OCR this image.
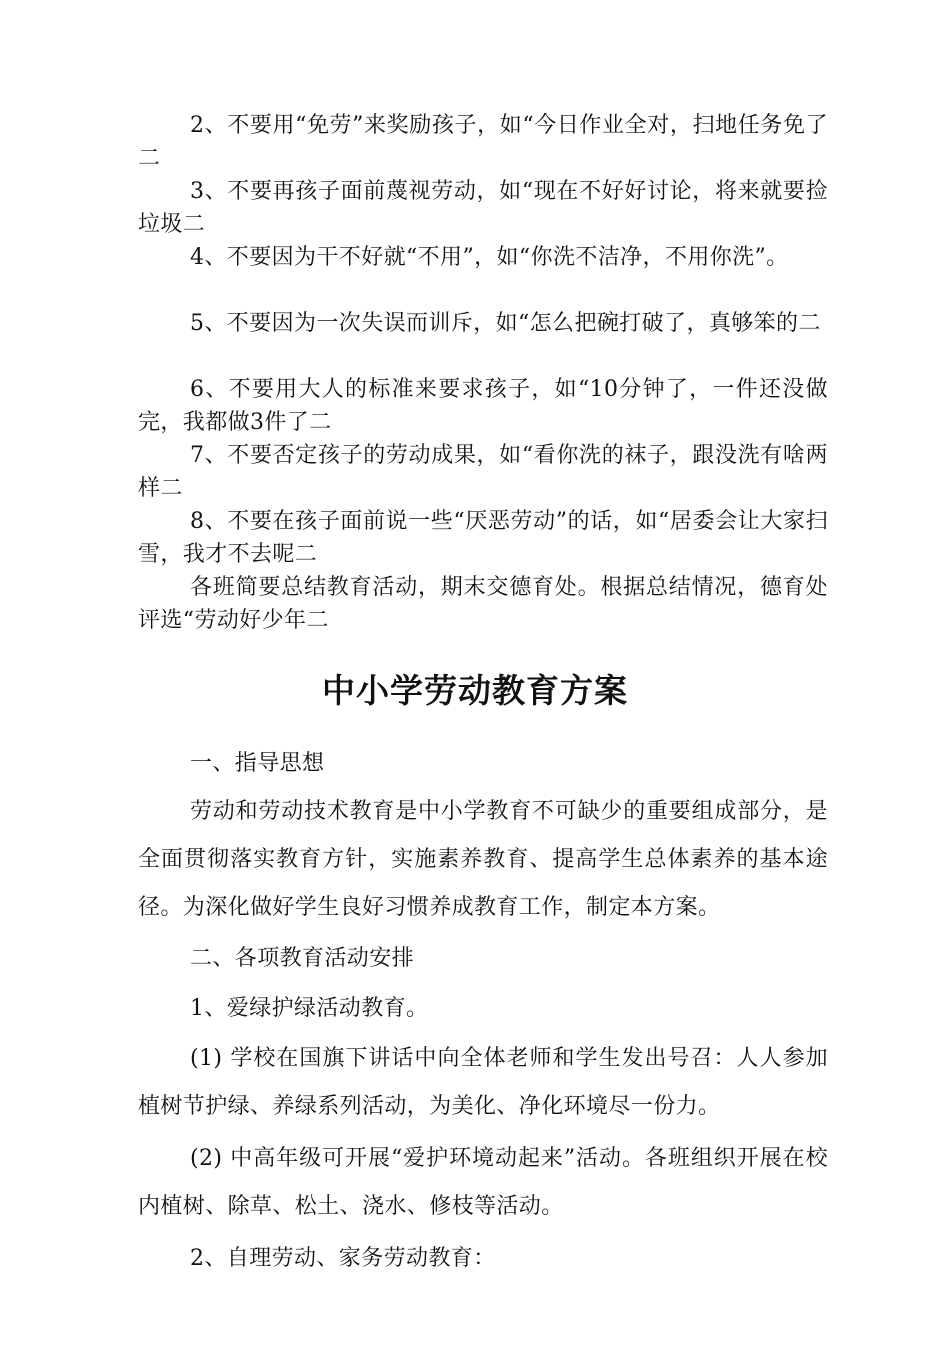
2、不要用“免劳”来奖励孩子，如“今日作业全对，扫地任务免了二

3、不要再孩子面前蔑视劳动，如“现在不好好讨论，将来就要捡垃圾二

4、不要因为干不好就“不用”，如“你洗不洁净，不用你洗”。

5、不要因为一次失误而训斥，如“怎么把碗打破了，真够笨的二

6、不要用大人的标准来要求孩子，如“10分钟了，一件还没做完，我都做3件了二

7、不要否定孩子的劳动成果，如“看你洗的袜子，跟没洗有啥两样二

8、不要在孩子面前说一些“厌恶劳动”的话，如“居委会让大家扫雪，我才不去呢二

各班简要总结教育活动，期末交德育处。根据总结情况，德育处评选“劳动好少年二

中小学劳动教育方案

一、指导思想

劳动和劳动技术教育是中小学教育不可缺少的重要组成部分，是全面贯彻落实教育方针，实施素养教育、提高学生总体素养的基本途径。为深化做好学生良好习惯养成教育工作，制定本方案。

二、各项教育活动安排

1、爱绿护绿活动教育。

(1) 学校在国旗下讲话中向全体老师和学生发出号召：人人参加植树节护绿、养绿系列活动，为美化、净化环境尽一份力。

(2) 中高年级可开展“爱护环境动起来”活动。各班组织开展在校内植树、除草、松土、浇水、修枝等活动。

2、自理劳动、家务劳动教育：
